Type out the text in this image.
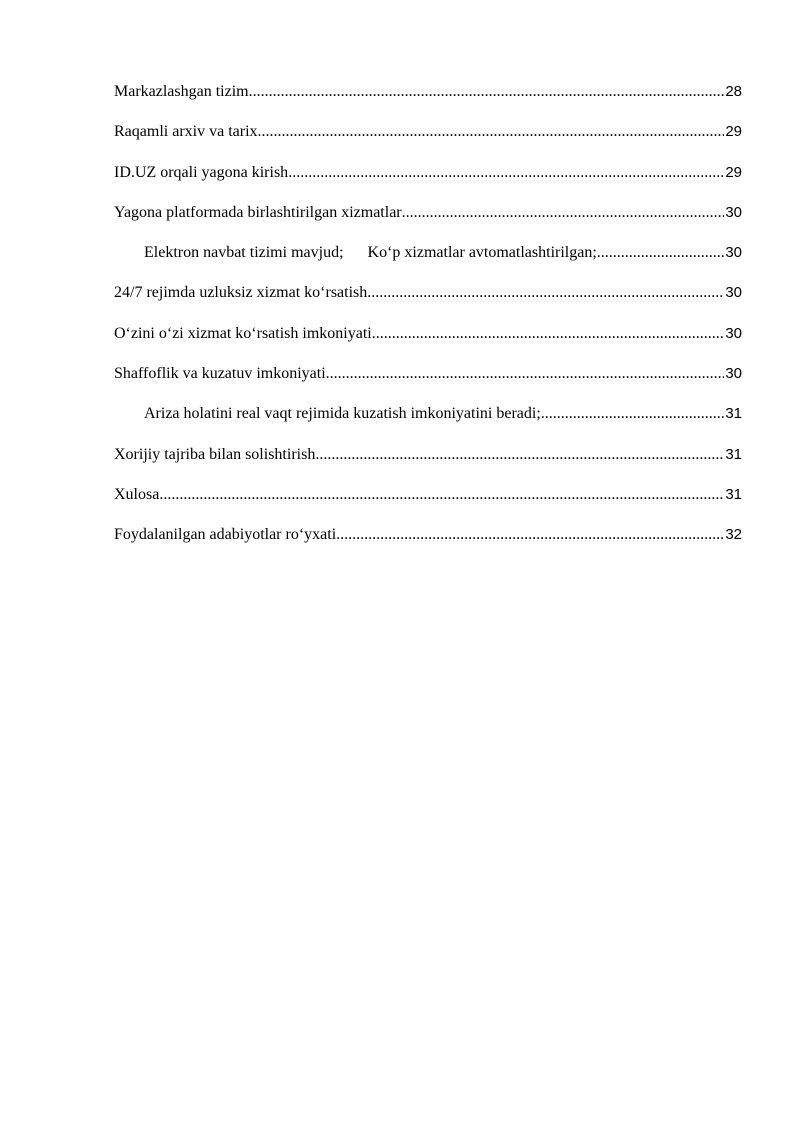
Markazlashgan tizim .....	28
Raqamli arxiv va tarix .....	29
ID.UZ orqali yagona kirish .....	29
Yagona platformada birlashtirilgan xizmatlar .....	30
Elektron navbat tizimi mavjud; Ko‘p xizmatlar avtomatlashtirilgan; .....	30
24/7 rejimda uzluksiz xizmat ko‘rsatish .....	30
O‘zini o‘zi xizmat ko‘rsatish imkoniyati .....	30
Shaffoflik va kuzatuv imkoniyati .....	30
Ariza holatini real vaqt rejimida kuzatish imkoniyatini beradi; .....	31
Xorijiy tajriba bilan solishtirish .....	31
Xulosa .....	31
Foydalanilgan adabiyotlar ro‘yxati .....	32
